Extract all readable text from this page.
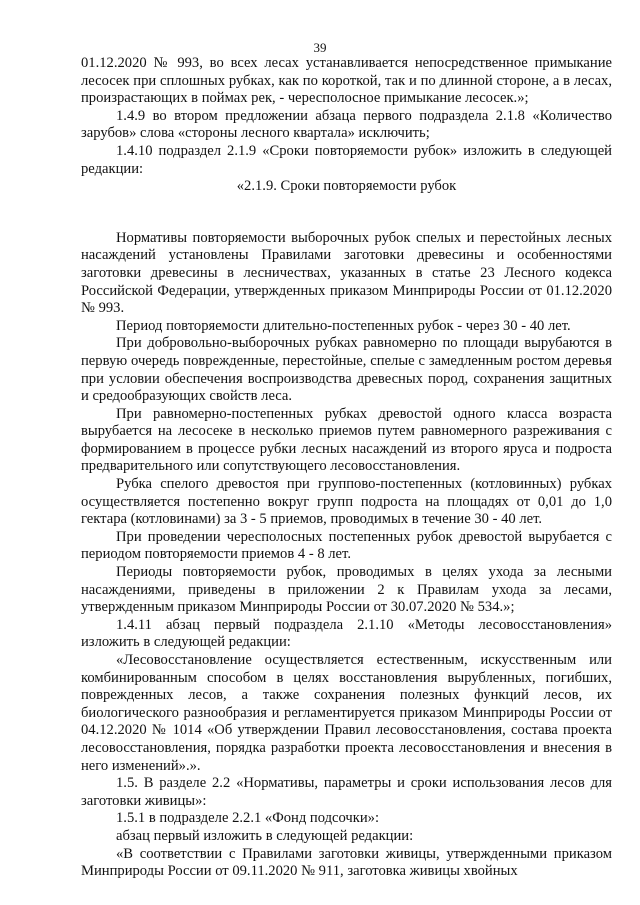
39

01.12.2020 № 993, во всех лесах устанавливается непосредственное примыкание лесосек при сплошных рубках, как по короткой, так и по длинной стороне, а в лесах, произрастающих в поймах рек, - чересполосное примыкание лесосек.»;

1.4.9 во втором предложении абзаца первого подраздела 2.1.8 «Количество зарубов» слова «стороны лесного квартала» исключить;

1.4.10 подраздел 2.1.9 «Сроки повторяемости рубок» изложить в следующей редакции:

«2.1.9. Сроки повторяемости рубок

Нормативы повторяемости выборочных рубок спелых и перестойных лесных насаждений установлены Правилами заготовки древесины и особенностями заготовки древесины в лесничествах, указанных в статье 23 Лесного кодекса Российской Федерации, утвержденных приказом Минприроды России от 01.12.2020 № 993.

Период повторяемости длительно-постепенных рубок - через 30 - 40 лет.

При добровольно-выборочных рубках равномерно по площади вырубаются в первую очередь поврежденные, перестойные, спелые с замедленным ростом деревья при условии обеспечения воспроизводства древесных пород, сохранения защитных и средообразующих свойств леса.

При равномерно-постепенных рубках древостой одного класса возраста вырубается на лесосеке в несколько приемов путем равномерного разреживания с формированием в процессе рубки лесных насаждений из второго яруса и подроста предварительного или сопутствующего лесовосстановления.

Рубка спелого древостоя при группово-постепенных (котловинных) рубках осуществляется постепенно вокруг групп подроста на площадях от 0,01 до 1,0 гектара (котловинами) за 3 - 5 приемов, проводимых в течение 30 - 40 лет.

При проведении чересполосных постепенных рубок древостой вырубается с периодом повторяемости приемов 4 - 8 лет.

Периоды повторяемости рубок, проводимых в целях ухода за лесными насаждениями, приведены в приложении 2 к Правилам ухода за лесами, утвержденным приказом Минприроды России от 30.07.2020 № 534.»;

1.4.11 абзац первый подраздела 2.1.10 «Методы лесовосстановления» изложить в следующей редакции:

«Лесовосстановление осуществляется естественным, искусственным или комбинированным способом в целях восстановления вырубленных, погибших, поврежденных лесов, а также сохранения полезных функций лесов, их биологического разнообразия и регламентируется приказом Минприроды России от 04.12.2020 № 1014 «Об утверждении Правил лесовосстановления, состава проекта лесовосстановления, порядка разработки проекта лесовосстановления и внесения в него изменений».».

1.5. В разделе 2.2 «Нормативы, параметры и сроки использования лесов для заготовки живицы»:

1.5.1 в подразделе 2.2.1 «Фонд подсочки»:

абзац первый изложить в следующей редакции:

«В соответствии с Правилами заготовки живицы, утвержденными приказом Минприроды России от 09.11.2020 № 911, заготовка живицы хвойных
